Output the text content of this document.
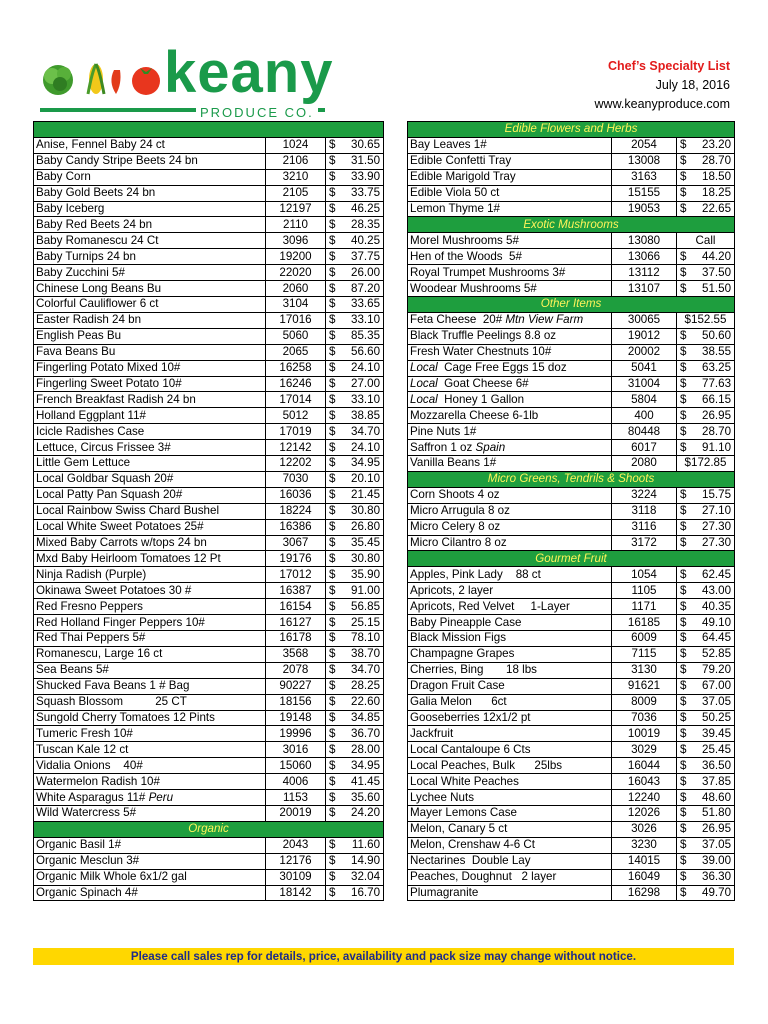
keany
PRODUCE CO.
Chef’s Specialty List
July 18, 2016
www.keanyproduce.com

Anise, Fennel Baby 24 ct	1024	$ 30.65

Baby Candy Stripe Beets 24 bn	2106	$ 31.50

Baby Corn	3210	$ 33.90

Baby Gold Beets 24 bn	2105	$ 33.75

Baby Iceberg	12197	$ 46.25

Baby Red Beets 24 bn	2110	$ 28.35

Baby Romanescu 24 Ct	3096	$ 40.25

Baby Turnips 24 bn	19200	$ 37.75

Baby Zucchini 5#	22020	$ 26.00

Chinese Long Beans Bu	2060	$ 87.20

Colorful Cauliflower 6 ct	3104	$ 33.65

Easter Radish 24 bn	17016	$ 33.10

English Peas Bu	5060	$ 85.35

Fava Beans Bu	2065	$ 56.60

Fingerling Potato Mixed 10#	16258	$ 24.10

Fingerling Sweet Potato 10#	16246	$ 27.00

French Breakfast Radish 24 bn	17014	$ 33.10

Holland Eggplant 11#	5012	$ 38.85

Icicle Radishes Case	17019	$ 34.70

Lettuce, Circus Frissee 3#	12142	$ 24.10

Little Gem Lettuce	12202	$ 34.95

Local Goldbar Squash 20#	7030	$ 20.10

Local Patty Pan Squash 20#	16036	$ 21.45

Local Rainbow Swiss Chard Bushel	18224	$ 30.80

Local White Sweet Potatoes 25#	16386	$ 26.80

Mixed Baby Carrots w/tops 24 bn	3067	$ 35.45

Mxd Baby Heirloom Tomatoes 12 Pt	19176	$ 30.80

Ninja Radish (Purple)	17012	$ 35.90

Okinawa Sweet Potatoes 30 #	16387	$ 91.00

Red Fresno Peppers	16154	$ 56.85

Red Holland Finger Peppers 10#	16127	$ 25.15

Red Thai Peppers 5#	16178	$ 78.10

Romanescu, Large 16 ct	3568	$ 38.70

Sea Beans 5#	2078	$ 34.70

Shucked Fava Beans 1 # Bag	90227	$ 28.25

Squash Blossom          25 CT	18156	$ 22.60

Sungold Cherry Tomatoes 12 Pints	19148	$ 34.85

Tumeric Fresh 10#	19996	$ 36.70

Tuscan Kale 12 ct	3016	$ 28.00

Vidalia Onions    40#	15060	$ 34.95

Watermelon Radish 10#	4006	$ 41.45

White Asparagus 11# Peru	1153	$ 35.60

Wild Watercress 5#	20019	$ 24.20

Organic		
Organic Basil 1#	2043	$ 11.60

Organic Mesclun 3#	12176	$ 14.90

Organic Milk Whole 6x1/2 gal	30109	$ 32.04

Organic Spinach 4#	18142	$ 16.70
Edible Flowers and Herbs		
Bay Leaves 1#	2054	$ 23.20

Edible Confetti Tray	13008	$ 28.70

Edible Marigold Tray	3163	$ 18.50

Edible Viola 50 ct	15155	$ 18.25

Lemon Thyme 1#	19053	$ 22.65

Exotic Mushrooms		
Morel Mushrooms 5#	13080	Call
Hen of the Woods  5#	13066	$ 44.20

Royal Trumpet Mushrooms 3#	13112	$ 37.50

Woodear Mushrooms 5#	13107	$ 51.50

Other Items		
Feta Cheese  20# Mtn View Farm	30065	$152.55
Black Truffle Peelings 8.8 oz	19012	$ 50.60

Fresh Water Chestnuts 10#	20002	$ 38.55

Local  Cage Free Eggs 15 doz	5041	$ 63.25

Local  Goat Cheese 6#	31004	$ 77.63

Local  Honey 1 Gallon	5804	$ 66.15

Mozzarella Cheese 6-1lb	400	$ 26.95

Pine Nuts 1#	80448	$ 28.70

Saffron 1 oz Spain	6017	$ 91.10

Vanilla Beans 1#	2080	$172.85
Micro Greens, Tendrils & Shoots		
Corn Shoots 4 oz	3224	$ 15.75

Micro Arrugula 8 oz	3118	$ 27.10

Micro Celery 8 oz	3116	$ 27.30

Micro Cilantro 8 oz	3172	$ 27.30

Gourmet Fruit		
Apples, Pink Lady    88 ct	1054	$ 62.45

Apricots, 2 layer	1105	$ 43.00

Apricots, Red Velvet     1-Layer	1171	$ 40.35

Baby Pineapple Case	16185	$ 49.10

Black Mission Figs	6009	$ 64.45

Champagne Grapes	7115	$ 52.85

Cherries, Bing       18 lbs	3130	$ 79.20

Dragon Fruit Case	91621	$ 67.00

Galia Melon      6ct	8009	$ 37.05

Gooseberries 12x1/2 pt	7036	$ 50.25

Jackfruit	10019	$ 39.45

Local Cantaloupe 6 Cts	3029	$ 25.45

Local Peaches, Bulk      25lbs	16044	$ 36.50

Local White Peaches	16043	$ 37.85

Lychee Nuts	12240	$ 48.60

Mayer Lemons Case	12026	$ 51.80

Melon, Canary 5 ct	3026	$ 26.95

Melon, Crenshaw 4-6 Ct	3230	$ 37.05

Nectarines  Double Lay	14015	$ 39.00

Peaches, Doughnut   2 layer	16049	$ 36.30

Plumagranite	16298	$ 49.70
Please call sales rep for details, price, availability and pack size may change without notice.
